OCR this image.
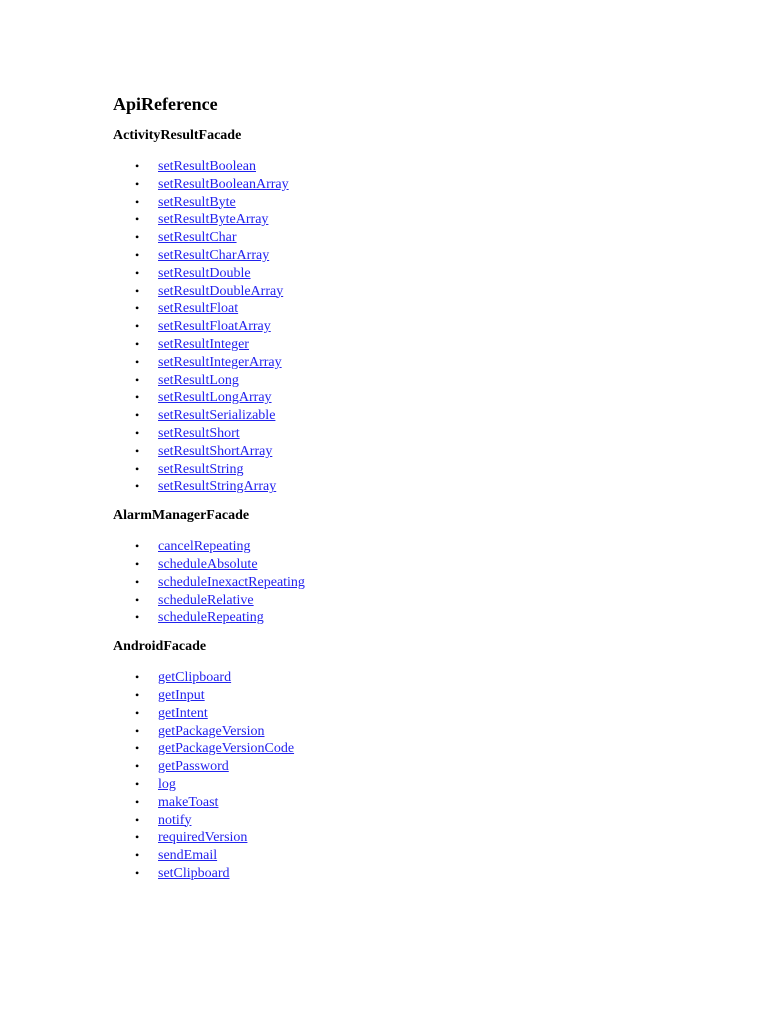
ApiReference
ActivityResultFacade
• setResultBoolean
• setResultBooleanArray
• setResultByte
• setResultByteArray
• setResultChar
• setResultCharArray
• setResultDouble
• setResultDoubleArray
• setResultFloat
• setResultFloatArray
• setResultInteger
• setResultIntegerArray
• setResultLong
• setResultLongArray
• setResultSerializable
• setResultShort
• setResultShortArray
• setResultString
• setResultStringArray
AlarmManagerFacade
• cancelRepeating
• scheduleAbsolute
• scheduleInexactRepeating
• scheduleRelative
• scheduleRepeating
AndroidFacade
• getClipboard
• getInput
• getIntent
• getPackageVersion
• getPackageVersionCode
• getPassword
• log
• makeToast
• notify
• requiredVersion
• sendEmail
• setClipboard
